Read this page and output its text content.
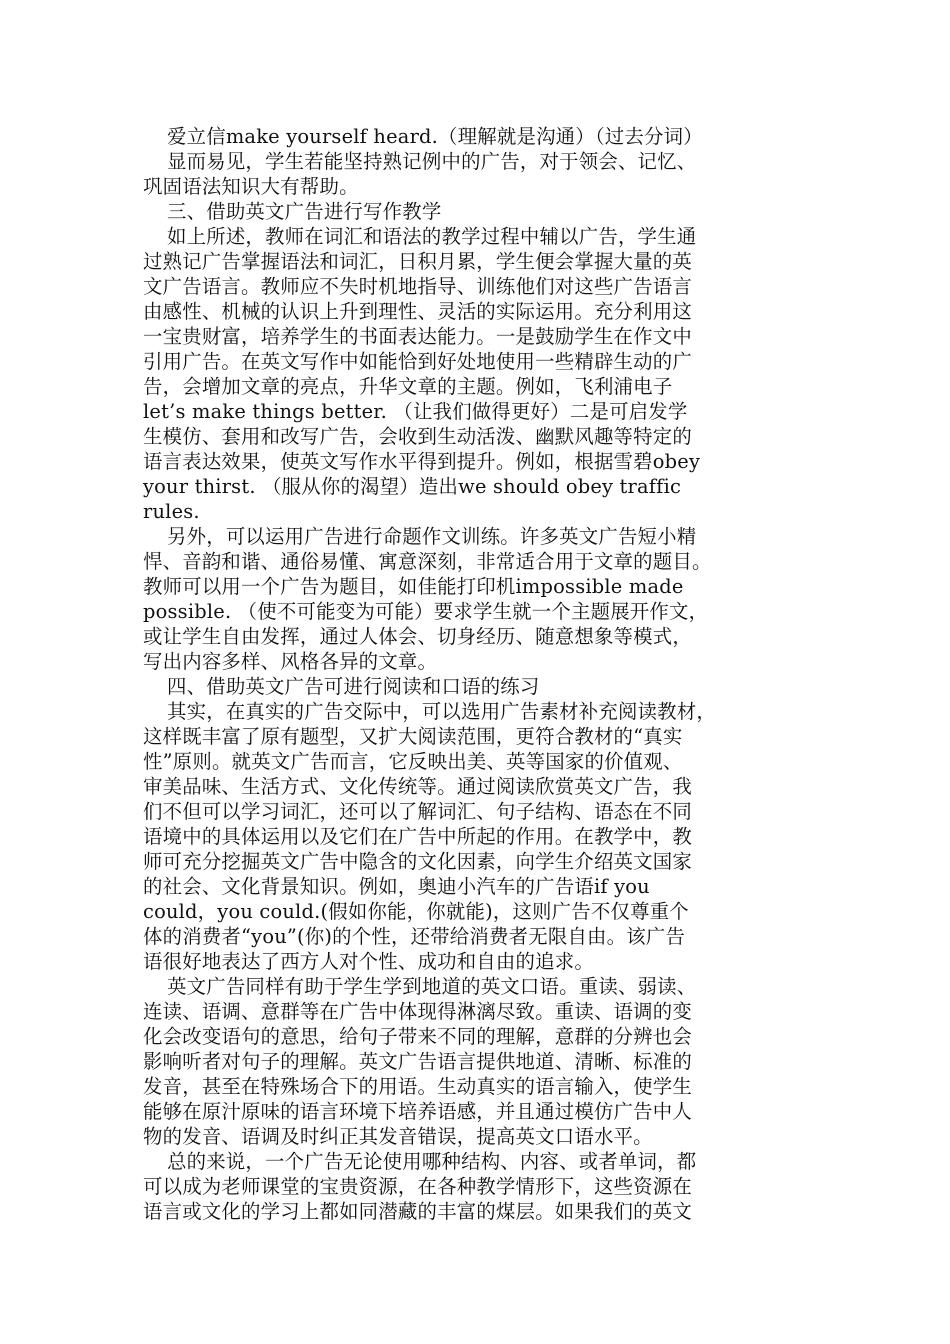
爱立信make yourself heard.（理解就是沟通）（过去分词）
显而易见，学生若能坚持熟记例中的广告，对于领会、记忆、
巩固语法知识大有帮助。
三、借助英文广告进行写作教学
如上所述，教师在词汇和语法的教学过程中辅以广告，学生通
过熟记广告掌握语法和词汇，日积月累，学生便会掌握大量的英
文广告语言。教师应不失时机地指导、训练他们对这些广告语言
由感性、机械的认识上升到理性、灵活的实际运用。充分利用这
一宝贵财富，培养学生的书面表达能力。一是鼓励学生在作文中
引用广告。在英文写作中如能恰到好处地使用一些精辟生动的广
告，会增加文章的亮点，升华文章的主题。例如，飞利浦电子
let’s make things better. （让我们做得更好）二是可启发学
生模仿、套用和改写广告，会收到生动活泼、幽默风趣等特定的
语言表达效果，使英文写作水平得到提升。例如，根据雪碧obey
your thirst. （服从你的渴望）造出we should obey traffic
rules.
另外，可以运用广告进行命题作文训练。许多英文广告短小精
悍、音韵和谐、通俗易懂、寓意深刻，非常适合用于文章的题目。
教师可以用一个广告为题目，如佳能打印机impossible made
possible. （使不可能变为可能）要求学生就一个主题展开作文，
或让学生自由发挥，通过人体会、切身经历、随意想象等模式，
写出内容多样、风格各异的文章。
四、借助英文广告可进行阅读和口语的练习
其实，在真实的广告交际中，可以选用广告素材补充阅读教材，
这样既丰富了原有题型，又扩大阅读范围，更符合教材的“真实
性”原则。就英文广告而言，它反映出美、英等国家的价值观、
审美品味、生活方式、文化传统等。通过阅读欣赏英文广告，我
们不但可以学习词汇，还可以了解词汇、句子结构、语态在不同
语境中的具体运用以及它们在广告中所起的作用。在教学中，教
师可充分挖掘英文广告中隐含的文化因素，向学生介绍英文国家
的社会、文化背景知识。例如，奥迪小汽车的广告语if you
could，you could.(假如你能，你就能)，这则广告不仅尊重个
体的消费者“you”(你)的个性，还带给消费者无限自由。该广告
语很好地表达了西方人对个性、成功和自由的追求。
英文广告同样有助于学生学到地道的英文口语。重读、弱读、
连读、语调、意群等在广告中体现得淋漓尽致。重读、语调的变
化会改变语句的意思，给句子带来不同的理解，意群的分辨也会
影响听者对句子的理解。英文广告语言提供地道、清晰、标准的
发音，甚至在特殊场合下的用语。生动真实的语言输入，使学生
能够在原汁原味的语言环境下培养语感，并且通过模仿广告中人
物的发音、语调及时纠正其发音错误，提高英文口语水平。
总的来说，一个广告无论使用哪种结构、内容、或者单词，都
可以成为老师课堂的宝贵资源，在各种教学情形下，这些资源在
语言或文化的学习上都如同潜藏的丰富的煤层。如果我们的英文
